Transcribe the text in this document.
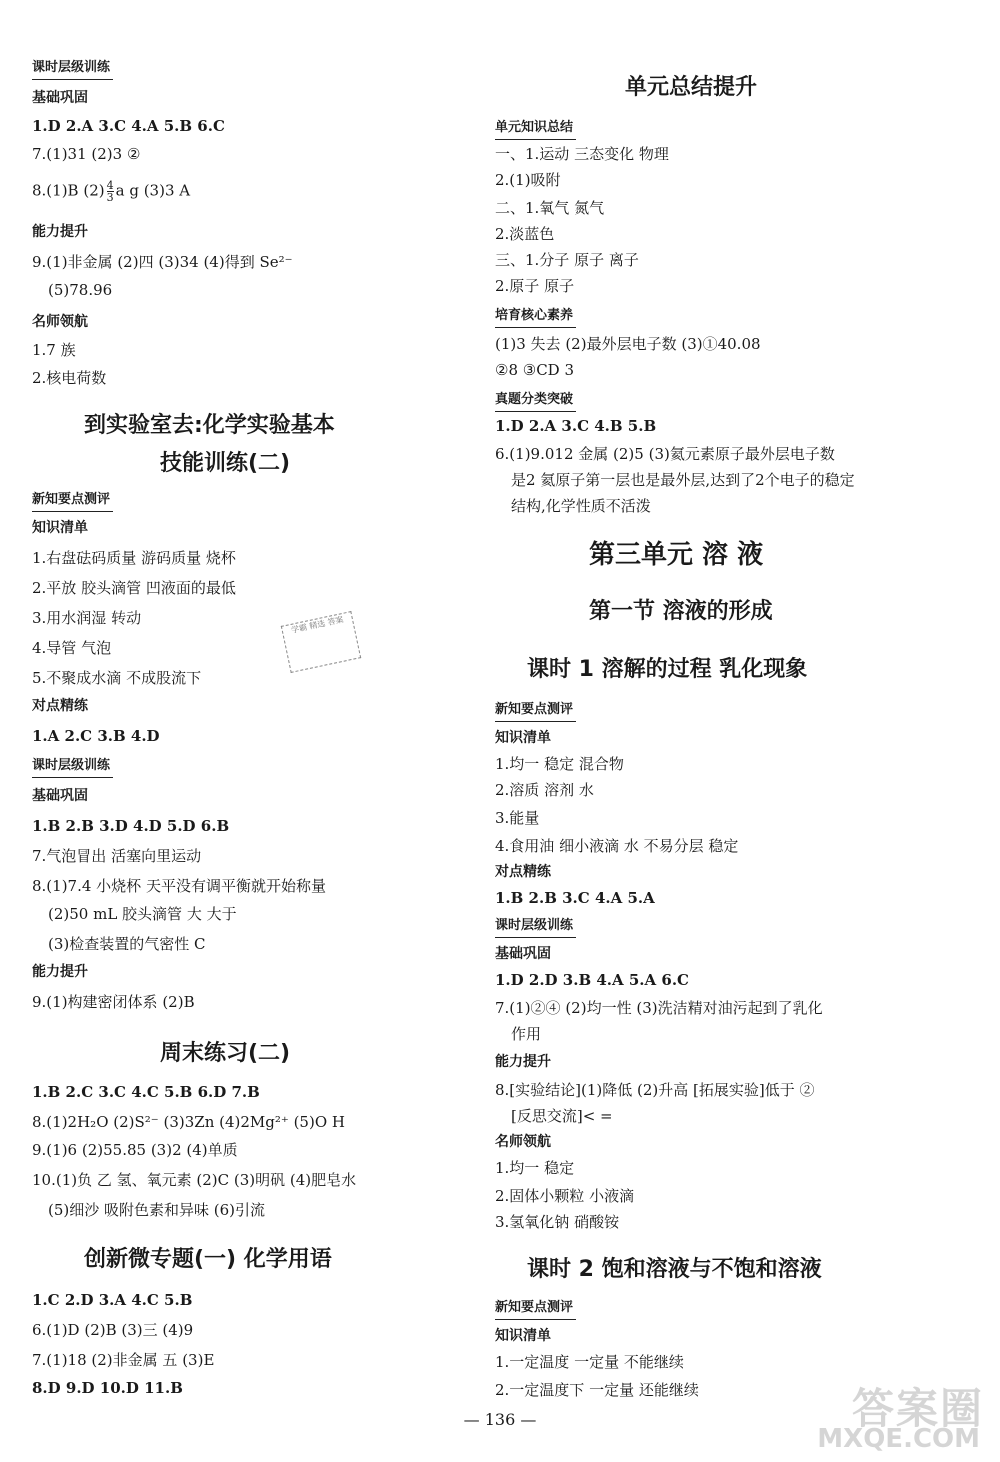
课时层级训练
基础巩固
1.D 2.A 3.C 4.A 5.B 6.C
7.(1)31 (2)3 ②
8.(1)B $(2) \frac{4}{3}$ a g (3)3 A
能力提升
9.(1)非金属 (2)四 (3)34 (4)得到 Se²⁻
(5)78.96
名师领航
1.7 族
2.核电荷数
到实验室去:化学实验基本
技能训练(二)
新知要点测评
知识清单
1.右盘砝码质量 游码质量 烧杯
2.平放 胶头滴管 凹液面的最低
3.用水润湿 转动
4.导管 气泡
5.不聚成水滴 不成股流下
对点精练
1.A 2.C 3.B 4.D
课时层级训练
基础巩固
1.B 2.B 3.D 4.D 5.D 6.B
7.气泡冒出 活塞向里运动
8.(1)7.4 小烧杯 天平没有调平衡就开始称量
(2)50 mL 胶头滴管 大 大于
(3)检查装置的气密性 C
能力提升
9.(1)构建密闭体系 (2)B
周末练习(二)
1.B 2.C 3.C 4.C 5.B 6.D 7.B
8.(1)2H₂O (2)S²⁻ (3)3Zn (4)2Mg²⁺ (5)O H
9.(1)6 (2)55.85 (3)2 (4)单质
10.(1)负 乙 氢、氧元素 (2)C (3)明矾 (4)肥皂水
(5)细沙 吸附色素和异味 (6)引流
创新微专题(一) 化学用语
1.C 2.D 3.A 4.C 5.B
6.(1)D (2)B (3)三 (4)9
7.(1)18 (2)非金属 五 (3)E
8.D 9.D 10.D 11.B
学霸 精选 答案
单元总结提升
单元知识总结
一、1.运动 三态变化 物理
2.(1)吸附
二、1.氧气 氮气
2.淡蓝色
三、1.分子 原子 离子
2.原子 原子
培育核心素养
(1)3 失去 (2)最外层电子数 (3)①40.08
②8 ③CD 3
真题分类突破
1.D 2.A 3.C 4.B 5.B
6.(1)9.012 金属 (2)5 (3)氦元素原子最外层电子数
是2 氦原子第一层也是最外层,达到了2个电子的稳定
结构,化学性质不活泼
第三单元 溶 液
第一节 溶液的形成
课时 1 溶解的过程 乳化现象
新知要点测评
知识清单
1.均一 稳定 混合物
2.溶质 溶剂 水
3.能量
4.食用油 细小液滴 水 不易分层 稳定
对点精练
1.B 2.B 3.C 4.A 5.A
课时层级训练
基础巩固
1.D 2.D 3.B 4.A 5.A 6.C
7.(1)②④ (2)均一性 (3)洗洁精对油污起到了乳化
作用
能力提升
8.[实验结论](1)降低 (2)升高 [拓展实验]低于 ②
[反思交流]< =
名师领航
1.均一 稳定
2.固体小颗粒 小液滴
3.氢氧化钠 硝酸铵
课时 2 饱和溶液与不饱和溶液
新知要点测评
知识清单
1.一定温度 一定量 不能继续
2.一定温度下 一定量 还能继续
— 136 —	答案圈
MXQE.COM
